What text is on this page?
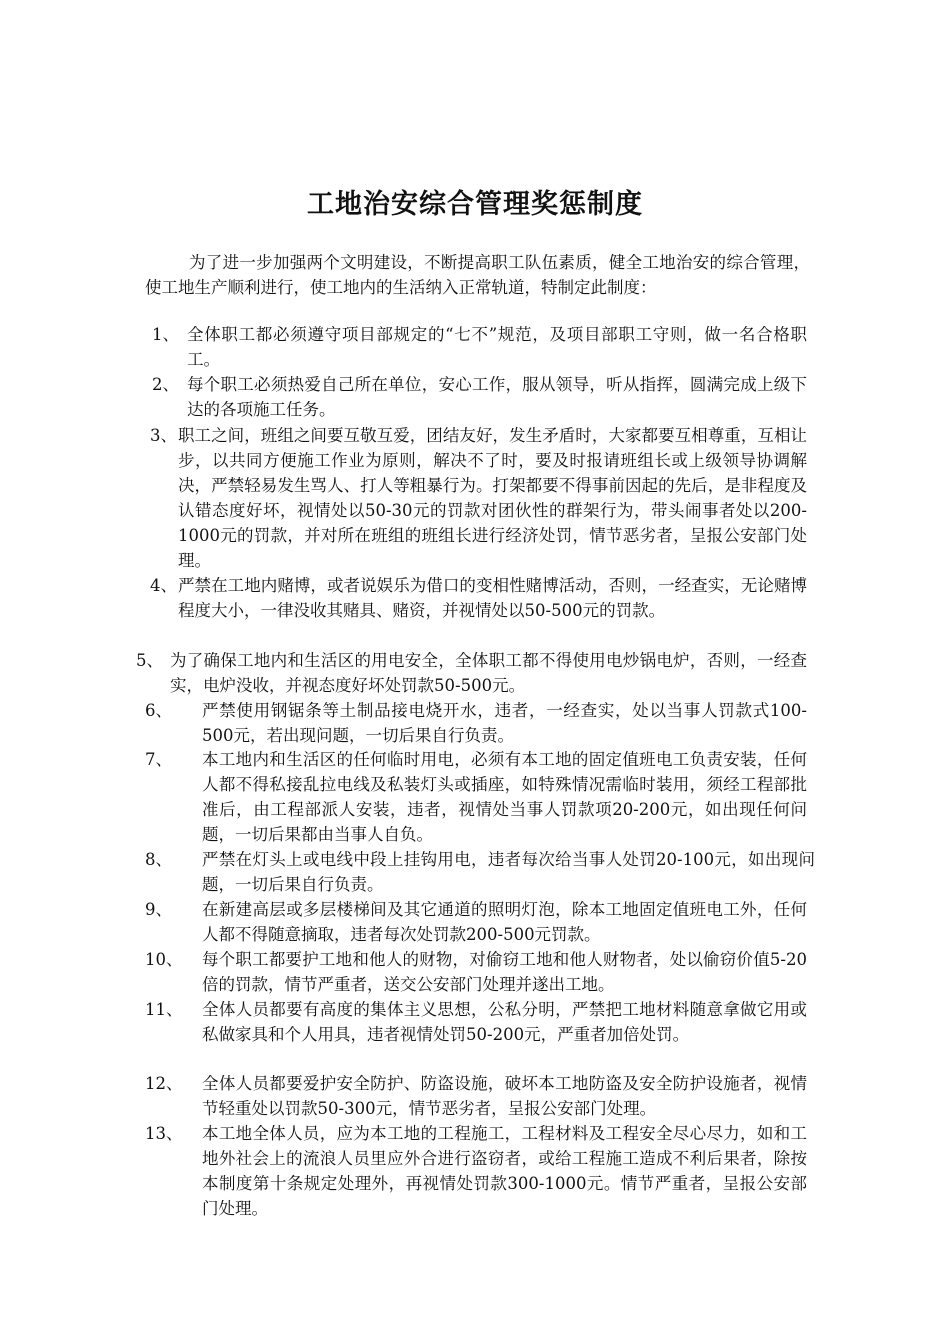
工地治安综合管理奖惩制度
为了进一步加强两个文明建设，不断提高职工队伍素质，健全工地治安的综合管理，使工地生产顺利进行，使工地内的生活纳入正常轨道，特制定此制度：
1、 全体职工都必须遵守项目部规定的“七不”规范，及项目部职工守则，做一名合格职工。
2、 每个职工必须热爱自己所在单位，安心工作，服从领导，听从指挥，圆满完成上级下达的各项施工任务。
3、 职工之间，班组之间要互敬互爱，团结友好，发生矛盾时，大家都要互相尊重，互相让步，以共同方便施工作业为原则，解决不了时，要及时报请班组长或上级领导协调解决，严禁轻易发生骂人、打人等粗暴行为。打架都要不得事前因起的先后，是非程度及认错态度好坏，视情处以50-30元的罚款对团伙性的群架行为，带头闹事者处以200-1000元的罚款，并对所在班组的班组长进行经济处罚，情节恶劣者，呈报公安部门处理。
4、 严禁在工地内赌博，或者说娱乐为借口的变相性赌博活动，否则，一经查实，无论赌博程度大小，一律没收其赌具、赌资，并视情处以50-500元的罚款。
5、 为了确保工地内和生活区的用电安全，全体职工都不得使用电炒锅电炉，否则，一经查实，电炉没收，并视态度好坏处罚款50-500元。
6、	严禁使用钢锯条等土制品接电烧开水，违者，一经查实，处以当事人罚款式100-500元，若出现问题，一切后果自行负责。
7、	本工地内和生活区的任何临时用电，必须有本工地的固定值班电工负责安装，任何人都不得私接乱拉电线及私装灯头或插座，如特殊情况需临时装用，须经工程部批准后，由工程部派人安装，违者，视情处当事人罚款项20-200元，如出现任何问题，一切后果都由当事人自负。
8、	严禁在灯头上或电线中段上挂钩用电，违者每次给当事人处罚20-100元，如出现问题，一切后果自行负责。
9、	在新建高层或多层楼梯间及其它通道的照明灯泡，除本工地固定值班电工外，任何人都不得随意摘取，违者每次处罚款200-500元罚款。
10、	每个职工都要护工地和他人的财物，对偷窃工地和他人财物者，处以偷窃价值5-20倍的罚款，情节严重者，送交公安部门处理并遂出工地。
11、	全体人员都要有高度的集体主义思想，公私分明，严禁把工地材料随意拿做它用或私做家具和个人用具，违者视情处罚50-200元，严重者加倍处罚。
12、	全体人员都要爱护安全防护、防盗设施，破坏本工地防盗及安全防护设施者，视情节轻重处以罚款50-300元，情节恶劣者，呈报公安部门处理。
13、	本工地全体人员，应为本工地的工程施工，工程材料及工程安全尽心尽力，如和工地外社会上的流浪人员里应外合进行盗窃者，或给工程施工造成不利后果者，除按本制度第十条规定处理外，再视情处罚款300-1000元。情节严重者，呈报公安部门处理。
